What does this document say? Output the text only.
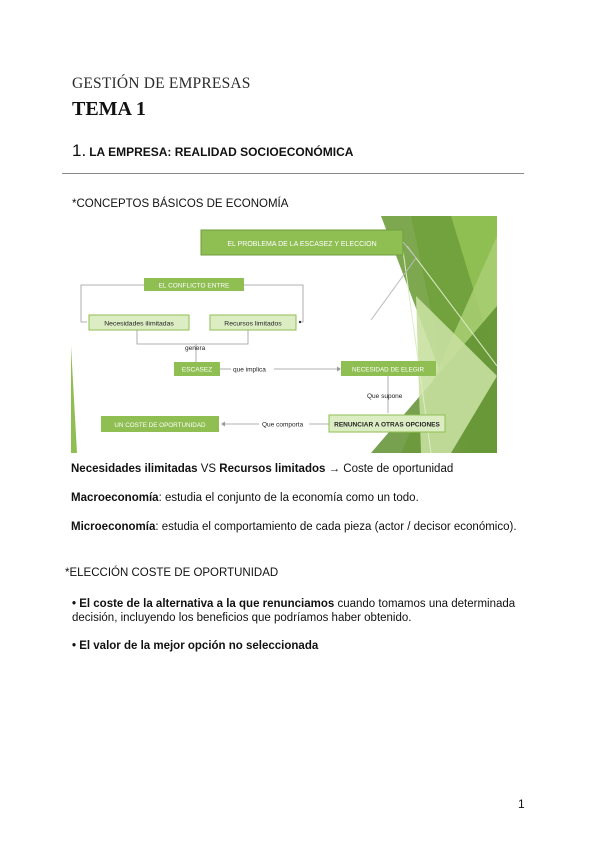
GESTIÓN DE EMPRESAS
TEMA 1
1. LA EMPRESA: REALIDAD SOCIOECONÓMICA
*CONCEPTOS BÁSICOS DE ECONOMÍA
EL PROBLEMA DE LA ESCASEZ Y ELECCION
EL CONFLICTO ENTRE
Necesidades ilimitadas	Recursos limitados
genera
ESCASEZ	que implica	NECESIDAD DE ELEGIR
Que supone
RENUNCIAR A OTRAS OPCIONES
Que comporta
UN COSTE DE OPORTUNIDAD
Necesidades ilimitadas VS Recursos limitados → Coste de oportunidad
Macroeconomía: estudia el conjunto de la economía como un todo.
Microeconomía: estudia el comportamiento de cada pieza (actor / decisor económico).
*ELECCIÓN COSTE DE OPORTUNIDAD
• El coste de la alternativa a la que renunciamos cuando tomamos una determinada
decisión, incluyendo los beneficios que podríamos haber obtenido.
• El valor de la mejor opción no seleccionada
1
